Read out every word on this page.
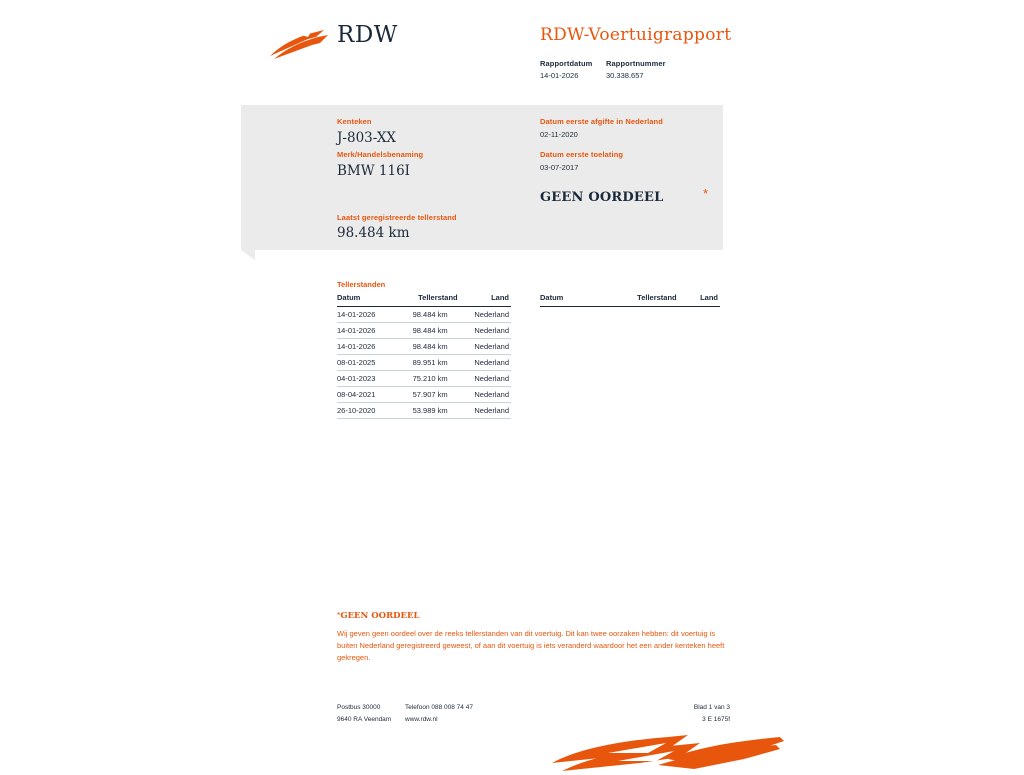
RDW	RDW-Voertuigrapport
Rapportdatum
14-01-2026
Rapportnummer
30.338.657
Kenteken
J-803-XX
Merk/Handelsbenaming
BMW 116I
Laatst geregistreerde tellerstand
98.484 km
Datum eerste afgifte in Nederland
02-11-2020
Datum eerste toelating
03-07-2017
GEEN OORDEEL	*
Tellerstanden
Datum	Tellerstand	Land
14-01-2026	98.484 km	Nederland
14-01-2026	98.484 km	Nederland
14-01-2026	98.484 km	Nederland
08-01-2025	89.951 km	Nederland
04-01-2023	75.210 km	Nederland
08-04-2021	57.907 km	Nederland
26-10-2020	53.989 km	Nederland
Datum	Tellerstand	Land
*GEEN OORDEEL
Wij geven geen oordeel over de reeks tellerstanden van dit voertuig. Dit kan twee oorzaken hebben: dit voertuig is buiten Nederland geregistreerd geweest, of aan dit voertuig is iets veranderd waardoor het een ander kenteken heeft gekregen.
Postbus 30000
9640 RA Veendam
Telefoon 088 008 74 47
www.rdw.nl
Blad 1 van 3
3 E 1675f
